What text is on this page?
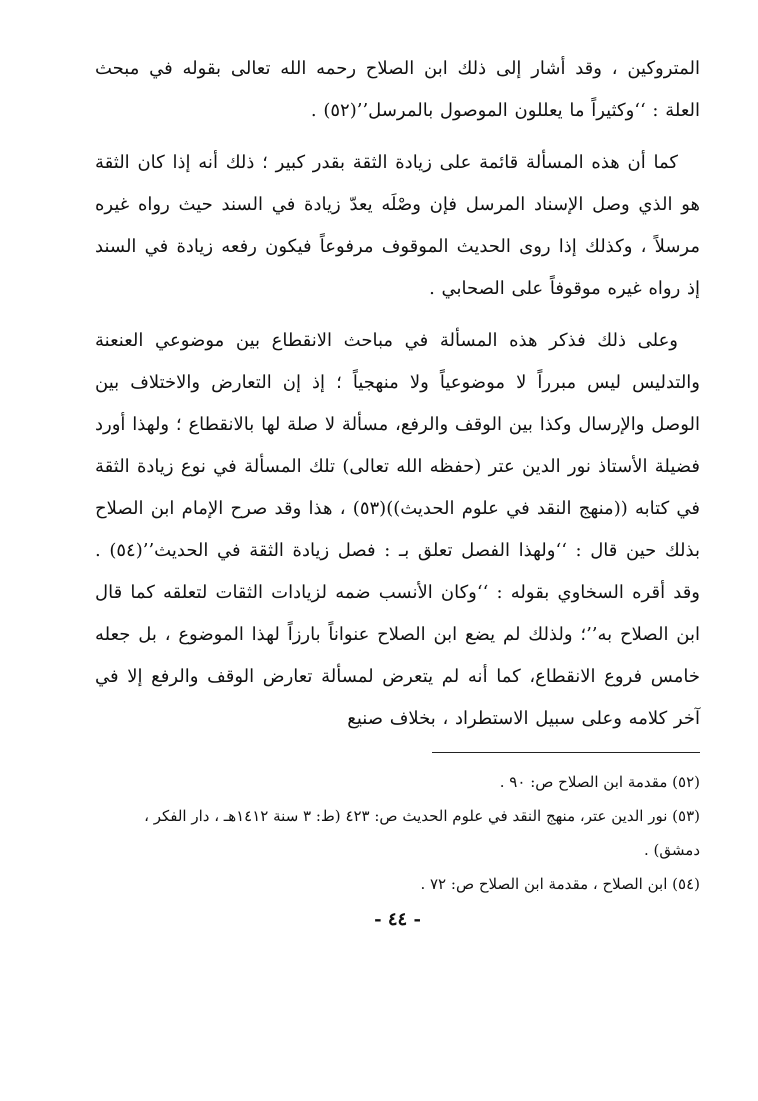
المتروكين ، وقد أشار إلى ذلك ابن الصلاح رحمه الله تعالى بقوله في مبحث العلة : ‘‘وكثيراً ما يعللون الموصول بالمرسل’’(٥٢) .

كما أن هذه المسألة قائمة على زيادة الثقة بقدر كبير ؛ ذلك أنه إذا كان الثقة هو الذي وصل الإسناد المرسل فإن وصْلَه يعدّ زيادة في السند حيث رواه غيره مرسلاً ، وكذلك إذا روى الحديث الموقوف مرفوعاً فيكون رفعه زيادة في السند إذ رواه غيره موقوفاً على الصحابي .

وعلى ذلك فذكر هذه المسألة في مباحث الانقطاع بين موضوعي العنعنة والتدليس ليس مبرراً لا موضوعياً ولا منهجياً ؛ إذ إن التعارض والاختلاف بين الوصل والإرسال وكذا بين الوقف والرفع، مسألة لا صلة لها بالانقطاع ؛ ولهذا أورد فضيلة الأستاذ نور الدين عتر (حفظه الله تعالى) تلك المسألة في نوع زيادة الثقة في كتابه ((منهج النقد في علوم الحديث))(٥٣) ، هذا وقد صرح الإمام ابن الصلاح بذلك حين قال : ‘‘ولهذا الفصل تعلق بـ : فصل زيادة الثقة في الحديث’’(٥٤) . وقد أقره السخاوي بقوله : ‘‘وكان الأنسب ضمه لزيادات الثقات لتعلقه كما قال ابن الصلاح به’’؛ ولذلك لم يضع ابن الصلاح عنواناً بارزاً لهذا الموضوع ، بل جعله خامس فروع الانقطاع، كما أنه لم يتعرض لمسألة تعارض الوقف والرفع إلا في آخر كلامه وعلى سبيل الاستطراد ، بخلاف صنيع

(٥٢) مقدمة ابن الصلاح ص: ٩٠ .

(٥٣) نور الدين عتر، منهج النقد في علوم الحديث ص: ٤٢٣ (ط: ٣ سنة ١٤١٢هـ ، دار الفكر ، دمشق) .

(٥٤) ابن الصلاح ، مقدمة ابن الصلاح ص: ٧٢ .

- ٤٤ -
